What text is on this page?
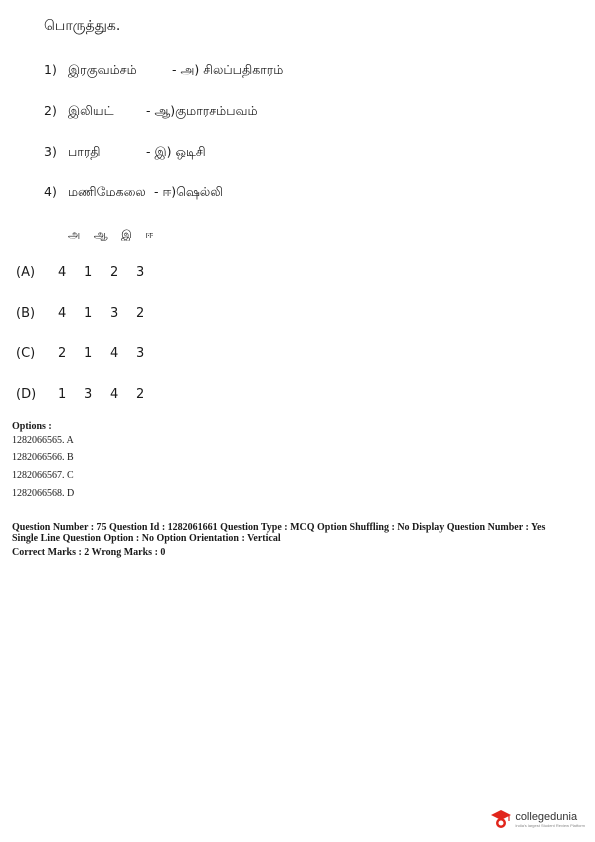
பொருத்துக.
1) இரகுவம்சம்	- அ) சிலப்பதிகாரம்
2) இலியட்	- ஆ)குமாரசம்பவம்
3) பாரதி	- இ) ஒடிசி
4) மணிமேகலை - ஈ)ஷெல்லி
அ ஆ இ ஈ
(A) 4 1 2 3
(B) 4 1 3 2
(C) 2 1 4 3
(D) 1 3 4 2
Options :
1282066565. A
1282066566. B
1282066567. C
1282066568. D
Question Number : 75 Question Id : 1282061661 Question Type : MCQ Option Shuffling : No Display Question Number : Yes
Single Line Question Option : No Option Orientation : Vertical
Correct Marks : 2 Wrong Marks : 0
collegedunia
India's largest Student Review Platform
